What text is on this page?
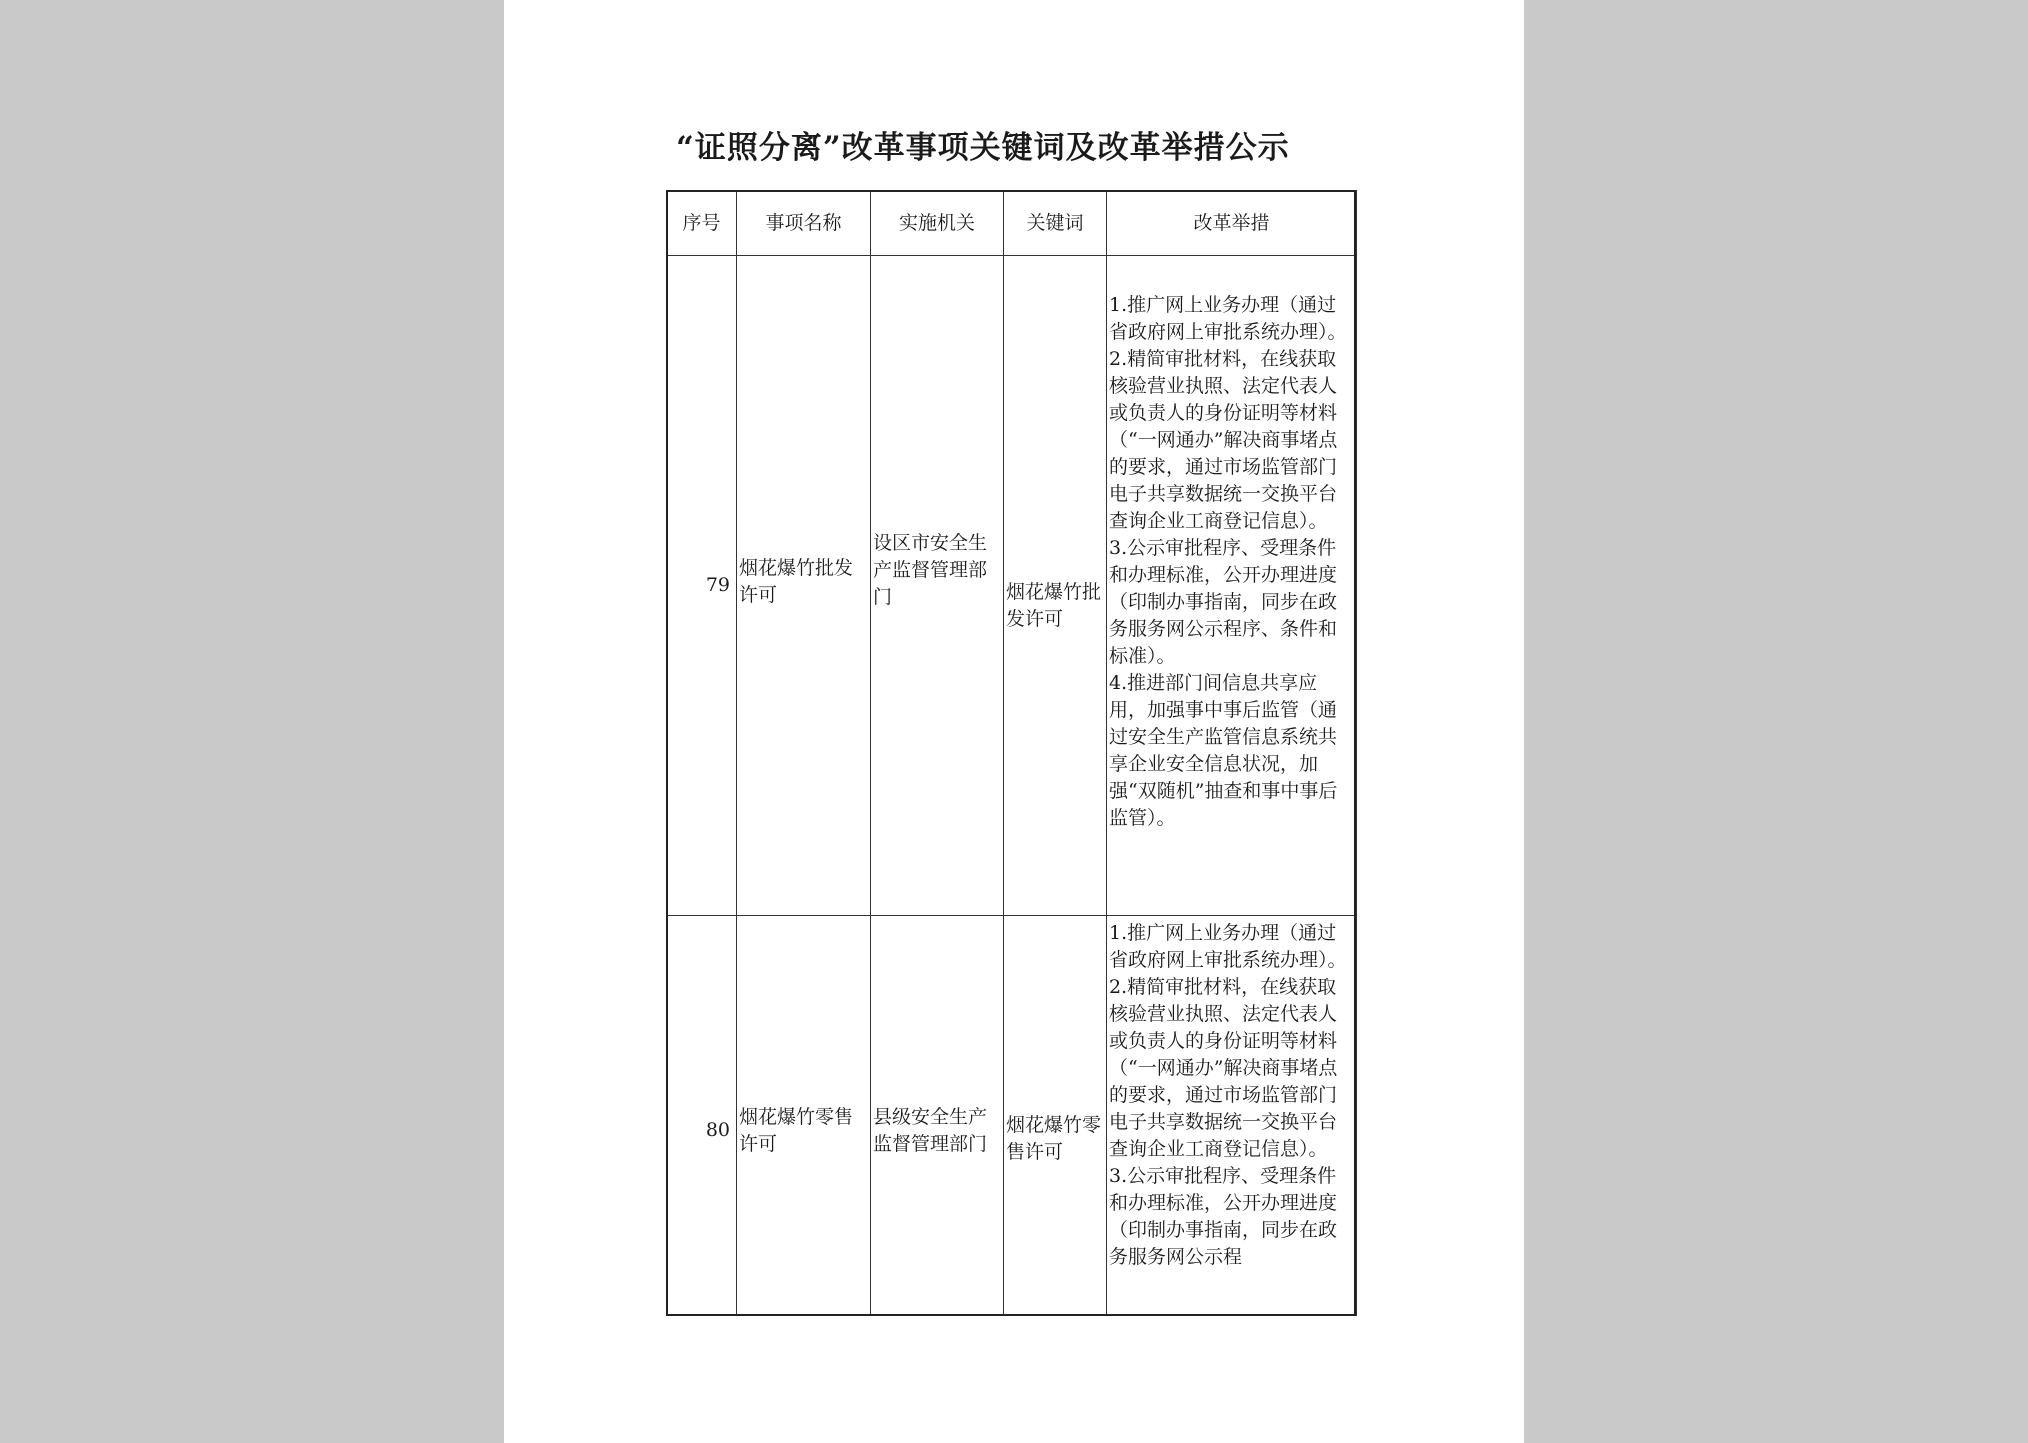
“证照分离”改革事项关键词及改革举措公示
序号	事项名称	实施机关	关键词	改革举措
79	烟花爆竹批发许可	设区市安全生产监督管理部门	烟花爆竹批发许可	1.推广网上业务办理（通过省政府网上审批系统办理）。

2.精简审批材料，在线获取核验营业执照、法定代表人或负责人的身份证明等材料（“一网通办”解决商事堵点的要求，通过市场监管部门电子共享数据统一交换平台查询企业工商登记信息）。

3.公示审批程序、受理条件和办理标准，公开办理进度（印制办事指南，同步在政务服务网公示程序、条件和标准）。

4.推进部门间信息共享应用，加强事中事后监管（通过安全生产监管信息系统共享企业安全信息状况，加强“双随机”抽查和事中事后监管）。

80	烟花爆竹零售许可	县级安全生产监督管理部门	烟花爆竹零售许可	1.推广网上业务办理（通过省政府网上审批系统办理）。

2.精简审批材料，在线获取核验营业执照、法定代表人或负责人的身份证明等材料（“一网通办”解决商事堵点的要求，通过市场监管部门电子共享数据统一交换平台查询企业工商登记信息）。

3.公示审批程序、受理条件和办理标准，公开办理进度（印制办事指南，同步在政务服务网公示程
